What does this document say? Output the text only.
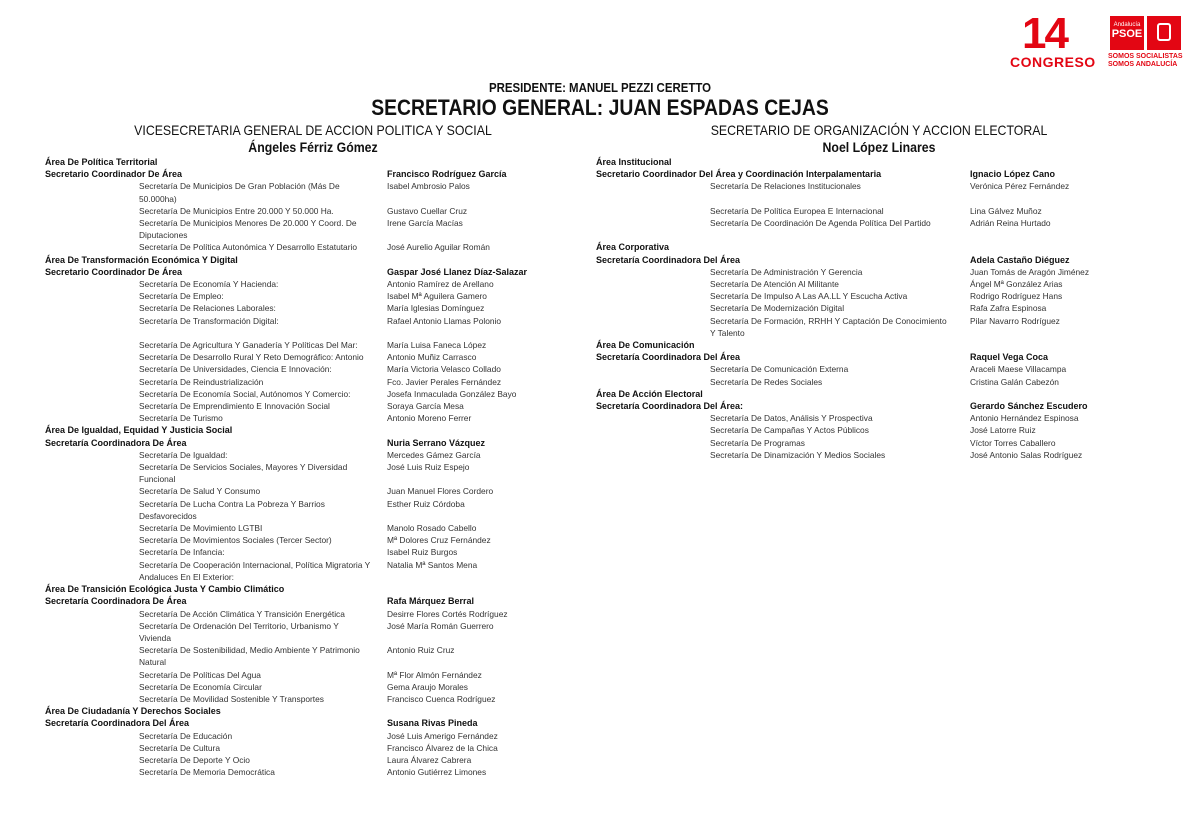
14
CONGRESO
Andalucía
PSOE
SOMOS SOCIALISTAS
SOMOS ANDALUCÍA
PRESIDENTE: MANUEL PEZZI CERETTO
SECRETARIO GENERAL: JUAN ESPADAS CEJAS
VICESECRETARIA GENERAL DE ACCION POLITICA Y SOCIAL
Ángeles Férriz Gómez
SECRETARIO DE ORGANIZACIÓN Y ACCION ELECTORAL
Noel López Linares
Área De Política Territorial
Secretario Coordinador De Área	Francisco Rodríguez García
Secretaría De Municipios De Gran Población (Más De
50.000ha)
Isabel Ambrosio Palos
Secretaría De Municipios Entre 20.000 Y 50.000 Ha.	Gustavo Cuellar Cruz
Secretaría De Municipios Menores De 20.000 Y Coord. De
Diputaciones
Irene García Macías
Secretaría De Política Autonómica Y Desarrollo Estatutario	José Aurelio Aguilar Román
Área De Transformación Económica Y Digital
Secretario Coordinador De Área	Gaspar José Llanez Díaz-Salazar
Secretaría De Economía Y Hacienda:	Antonio Ramírez de Arellano
Secretaría De Empleo:	Isabel Mª Aguilera Gamero
Secretaría De Relaciones Laborales:	María Iglesias Domínguez
Secretaría De Transformación Digital:	Rafael Antonio Llamas Polonio
Secretaría De Agricultura Y Ganadería Y Políticas Del Mar:	María Luisa Faneca López
Secretaría De Desarrollo Rural Y Reto Demográfico: Antonio	Antonio Muñiz Carrasco
Secretaría De Universidades, Ciencia E Innovación:	María Victoria Velasco Collado
Secretaría De Reindustrialización	Fco. Javier Perales Fernández
Secretaría De Economía Social, Autónomos Y Comercio:	Josefa Inmaculada González Bayo
Secretaría De Emprendimiento E Innovación Social	Soraya García Mesa
Secretaría De Turismo	Antonio Moreno Ferrer
Área De Igualdad, Equidad Y Justicia Social
Secretaría Coordinadora De Área	Nuria Serrano Vázquez
Secretaría De Igualdad:	Mercedes Gámez García
Secretaría De Servicios Sociales, Mayores Y Diversidad
Funcional
José Luis Ruiz Espejo
Secretaría De Salud Y Consumo	Juan Manuel Flores Cordero
Secretaría De Lucha Contra La Pobreza Y Barrios
Desfavorecidos
Esther Ruiz Córdoba
Secretaría De Movimiento LGTBI	Manolo Rosado Cabello
Secretaría De Movimientos Sociales (Tercer Sector)	Mª Dolores Cruz Fernández
Secretaría De Infancia:	Isabel Ruiz Burgos
Secretaría De Cooperación Internacional, Política Migratoria Y
Andaluces En El Exterior:
Natalia Mª Santos Mena
Área De Transición Ecológica Justa Y Cambio Climático
Secretaría Coordinadora De Área	Rafa Márquez Berral
Secretaría De Acción Climática Y Transición Energética	Desirre Flores Cortés Rodríguez
Secretaría De Ordenación Del Territorio, Urbanismo Y
Vivienda
José María Román Guerrero
Secretaría De Sostenibilidad, Medio Ambiente Y Patrimonio
Natural
Antonio Ruiz Cruz
Secretaría De Políticas Del Agua	Mª Flor Almón Fernández
Secretaría De Economía Circular	Gema Araujo Morales
Secretaría De Movilidad Sostenible Y Transportes	Francisco Cuenca Rodríguez
Área De Ciudadanía Y Derechos Sociales
Secretaría Coordinadora Del Área	Susana Rivas Pineda
Secretaría De Educación	José Luis Amerigo Fernández
Secretaría De Cultura	Francisco Álvarez de la Chica
Secretaría De Deporte Y Ocio	Laura Álvarez Cabrera
Secretaría De Memoria Democrática	Antonio Gutiérrez Limones
Área Institucional
Secretario Coordinador Del Área y Coordinación Interpalamentaria	Ignacio López Cano
Secretaría De Relaciones Institucionales	Verónica Pérez Fernández
Secretaría De Política Europea E Internacional	Lina Gálvez Muñoz
Secretaría De Coordinación De Agenda Política Del Partido	Adrián Reina Hurtado
Área Corporativa
Secretaría Coordinadora Del Área	Adela Castaño Diéguez
Secretaría De Administración Y Gerencia	Juan Tomás de Aragón Jiménez
Secretaría De Atención Al Militante	Ángel Mª González Arias
Secretaría De Impulso A Las AA.LL Y Escucha Activa	Rodrigo Rodríguez Hans
Secretaría De Modernización Digital	Rafa Zafra Espinosa
Secretaría De Formación, RRHH Y Captación De Conocimiento
Y Talento
Pilar Navarro Rodríguez
Área De Comunicación
Secretaría Coordinadora Del Área	Raquel Vega Coca
Secretaría De Comunicación Externa	Araceli Maese Villacampa
Secretaría De Redes Sociales	Cristina Galán Cabezón
Área De Acción Electoral
Secretaría Coordinadora Del Área:	Gerardo Sánchez Escudero
Secretaría De Datos, Análisis Y Prospectiva	Antonio Hernández Espinosa
Secretaría De Campañas Y Actos Públicos	José Latorre Ruiz
Secretaría De Programas	Víctor Torres Caballero
Secretaría De Dinamización Y Medios Sociales	José Antonio Salas Rodríguez
